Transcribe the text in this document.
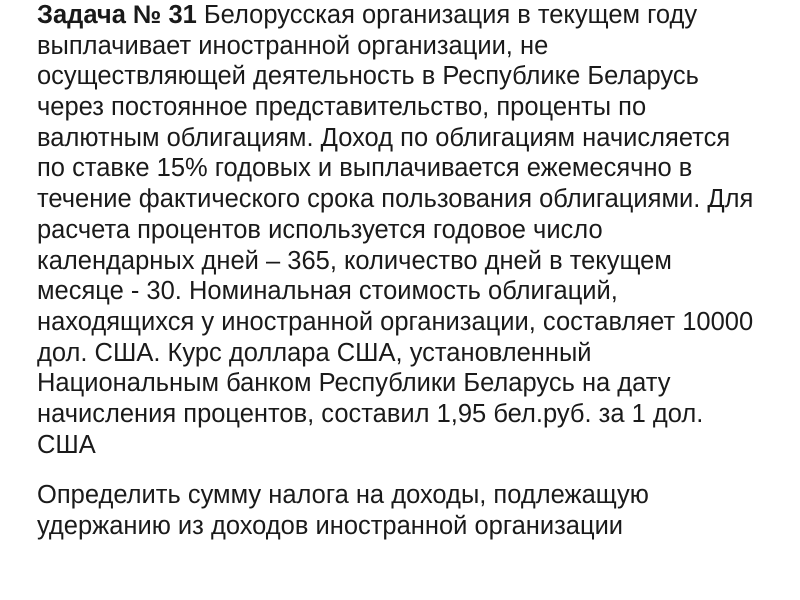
Задача № 31 Белорусская организация в текущем году
выплачивает иностранной организации, не
осуществляющей деятельность в Республике Беларусь
через постоянное представительство, проценты по
валютным облигациям. Доход по облигациям начисляется
по ставке 15% годовых и выплачивается ежемесячно в
течение фактического срока пользования облигациями. Для
расчета процентов используется годовое число
календарных дней – 365, количество дней в текущем
месяце - 30. Номинальная стоимость облигаций,
находящихся у иностранной организации, составляет 10000
дол. США. Курс доллара США, установленный
Национальным банком Республики Беларусь на дату
начисления процентов, составил 1,95 бел.руб. за 1 дол.
США
Определить сумму налога на доходы, подлежащую
удержанию из доходов иностранной организации
